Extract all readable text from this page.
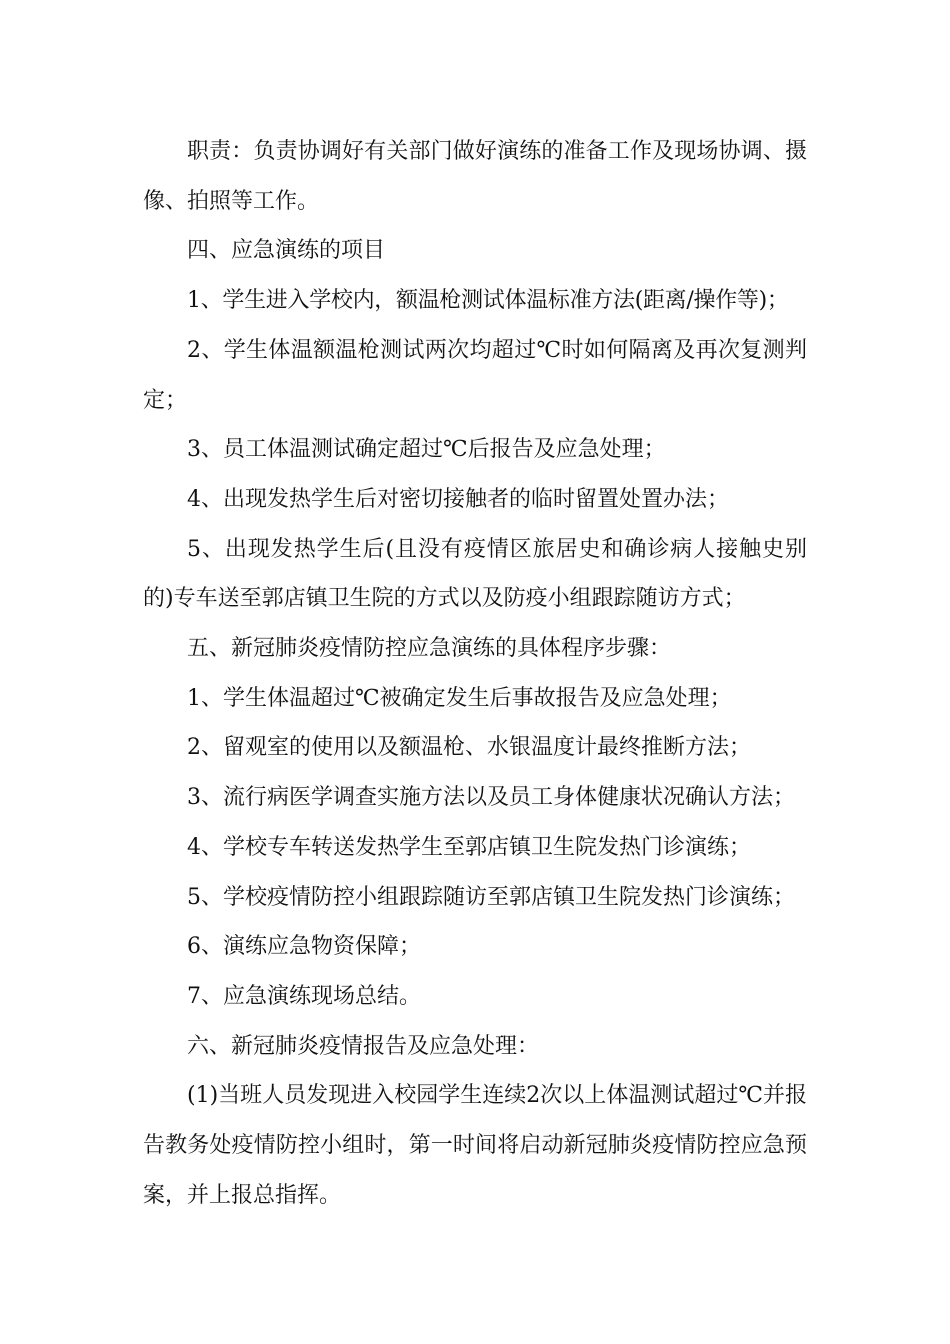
职责：负责协调好有关部门做好演练的准备工作及现场协调、摄像、拍照等工作。

四、应急演练的项目

1、学生进入学校内，额温枪测试体温标准方法(距离/操作等)；

2、学生体温额温枪测试两次均超过℃时如何隔离及再次复测判定；

3、员工体温测试确定超过℃后报告及应急处理；

4、出现发热学生后对密切接触者的临时留置处置办法；

5、出现发热学生后(且没有疫情区旅居史和确诊病人接触史别的)专车送至郭店镇卫生院的方式以及防疫小组跟踪随访方式；

五、新冠肺炎疫情防控应急演练的具体程序步骤：

1、学生体温超过℃被确定发生后事故报告及应急处理；

2、留观室的使用以及额温枪、水银温度计最终推断方法；

3、流行病医学调查实施方法以及员工身体健康状况确认方法；

4、学校专车转送发热学生至郭店镇卫生院发热门诊演练；

5、学校疫情防控小组跟踪随访至郭店镇卫生院发热门诊演练；

6、演练应急物资保障；

7、应急演练现场总结。

六、新冠肺炎疫情报告及应急处理：

(1)当班人员发现进入校园学生连续2次以上体温测试超过℃并报告教务处疫情防控小组时，第一时间将启动新冠肺炎疫情防控应急预案，并上报总指挥。
